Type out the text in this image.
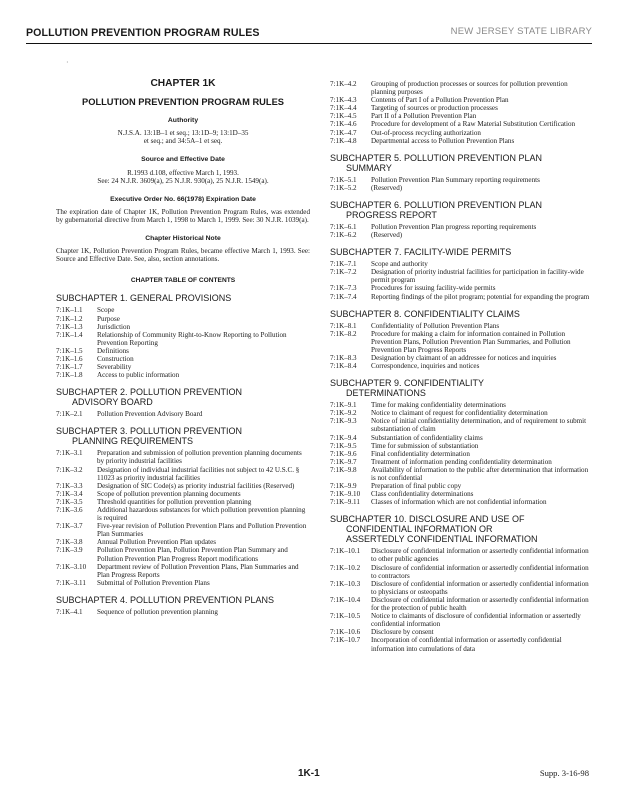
POLLUTION PREVENTION PROGRAM RULES	NEW JERSEY STATE LIBRARY
·
CHAPTER 1K
POLLUTION PREVENTION PROGRAM RULES
Authority
N.J.S.A. 13:1B–1 et seq.; 13:1D–9; 13:1D–35
et seq.; and 34:5A–1 et seq.
Source and Effective Date
R.1993 d.108, effective March 1, 1993.
See: 24 N.J.R. 3609(a), 25 N.J.R. 930(a), 25 N.J.R. 1549(a).
Executive Order No. 66(1978) Expiration Date
The expiration date of Chapter 1K, Pollution Prevention Program Rules, was extended by gubernatorial directive from March 1, 1998 to March 1, 1999. See: 30 N.J.R. 1039(a).
Chapter Historical Note
Chapter 1K, Pollution Prevention Program Rules, became effective March 1, 1993. See: Source and Effective Date. See, also, section annotations.
CHAPTER TABLE OF CONTENTS
SUBCHAPTER 1. GENERAL PROVISIONS

7:1K–1.1	Scope
7:1K–1.2	Purpose
7:1K–1.3	Jurisdiction
7:1K–1.4	Relationship of Community Right-to-Know Reporting to Pollution Prevention Reporting
7:1K–1.5	Definitions
7:1K–1.6	Construction
7:1K–1.7	Severability
7:1K–1.8	Access to public information
SUBCHAPTER 2. POLLUTION PREVENTION

ADVISORY BOARD
7:1K–2.1	Pollution Prevention Advisory Board
SUBCHAPTER 3. POLLUTION PREVENTION

PLANNING REQUIREMENTS
7:1K–3.1	Preparation and submission of pollution prevention planning documents by priority industrial facilities
7:1K–3.2	Designation of individual industrial facilities not subject to 42 U.S.C. § 11023 as priority industrial facilities
7:1K–3.3	Designation of SIC Code(s) as priority industrial facilities (Reserved)
7:1K–3.4	Scope of pollution prevention planning documents
7:1K–3.5	Threshold quantities for pollution prevention planning
7:1K–3.6	Additional hazardous substances for which pollution prevention planning is required
7:1K–3.7	Five-year revision of Pollution Prevention Plans and Pollution Prevention Plan Summaries
7:1K–3.8	Annual Pollution Prevention Plan updates
7:1K–3.9	Pollution Prevention Plan, Pollution Prevention Plan Summary and Pollution Prevention Plan Progress Report modifications
7:1K–3.10	Department review of Pollution Prevention Plans, Plan Summaries and Plan Progress Reports
7:1K–3.11	Submittal of Pollution Prevention Plans
SUBCHAPTER 4. POLLUTION PREVENTION PLANS

7:1K–4.1	Sequence of pollution prevention planning
7:1K–4.2	Grouping of production processes or sources for pollution prevention planning purposes
7:1K–4.3	Contents of Part I of a Pollution Prevention Plan
7:1K–4.4	Targeting of sources or production processes
7:1K–4.5	Part II of a Pollution Prevention Plan
7:1K–4.6	Procedure for development of a Raw Material Substitution Certification
7:1K–4.7	Out-of-process recycling authorization
7:1K–4.8	Departmental access to Pollution Prevention Plans
SUBCHAPTER 5. POLLUTION PREVENTION PLAN

SUMMARY
7:1K–5.1	Pollution Prevention Plan Summary reporting requirements
7:1K–5.2	(Reserved)
SUBCHAPTER 6. POLLUTION PREVENTION PLAN

PROGRESS REPORT
7:1K–6.1	Pollution Prevention Plan progress reporting requirements
7:1K–6.2	(Reserved)
SUBCHAPTER 7. FACILITY-WIDE PERMITS

7:1K–7.1	Scope and authority
7:1K–7.2	Designation of priority industrial facilities for participation in facility-wide permit program
7:1K–7.3	Procedures for issuing facility-wide permits
7:1K–7.4	Reporting findings of the pilot program; potential for expanding the program
SUBCHAPTER 8. CONFIDENTIALITY CLAIMS

7:1K–8.1	Confidentiality of Pollution Prevention Plans
7:1K–8.2	Procedure for making a claim for information contained in Pollution Prevention Plans, Pollution Prevention Plan Summaries, and Pollution Prevention Plan Progress Reports
7:1K–8.3	Designation by claimant of an addressee for notices and inquiries
7:1K–8.4	Correspondence, inquiries and notices
SUBCHAPTER 9. CONFIDENTIALITY

DETERMINATIONS
7:1K–9.1	Time for making confidentiality determinations
7:1K–9.2	Notice to claimant of request for confidentiality determination
7:1K–9.3	Notice of initial confidentiality determination, and of requirement to submit substantiation of claim
7:1K–9.4	Substantiation of confidentiality claims
7:1K–9.5	Time for submission of substantiation
7:1K–9.6	Final confidentiality determination
7:1K–9.7	Treatment of information pending confidentiality determination
7:1K–9.8	Availability of information to the public after determination that information is not confidential
7:1K–9.9	Preparation of final public copy
7:1K–9.10	Class confidentiality determinations
7:1K–9.11	Classes of information which are not confidential information
SUBCHAPTER 10. DISCLOSURE AND USE OF

CONFIDENTIAL INFORMATION OR
ASSERTEDLY CONFIDENTIAL INFORMATION
7:1K–10.1	Disclosure of confidential information or assertedly confidential information to other public agencies
7:1K–10.2	Disclosure of confidential information or assertedly confidential information to contractors
7:1K–10.3	Disclosure of confidential information or assertedly confidential information to physicians or osteopaths
7:1K–10.4	Disclosure of confidential information or assertedly confidential information for the protection of public health
7:1K–10.5	Notice to claimants of disclosure of confidential information or assertedly confidential information
7:1K–10.6	Disclosure by consent
7:1K–10.7	Incorporation of confidential information or assertedly confidential information into cumulations of data
1K-1	Supp. 3-16-98
